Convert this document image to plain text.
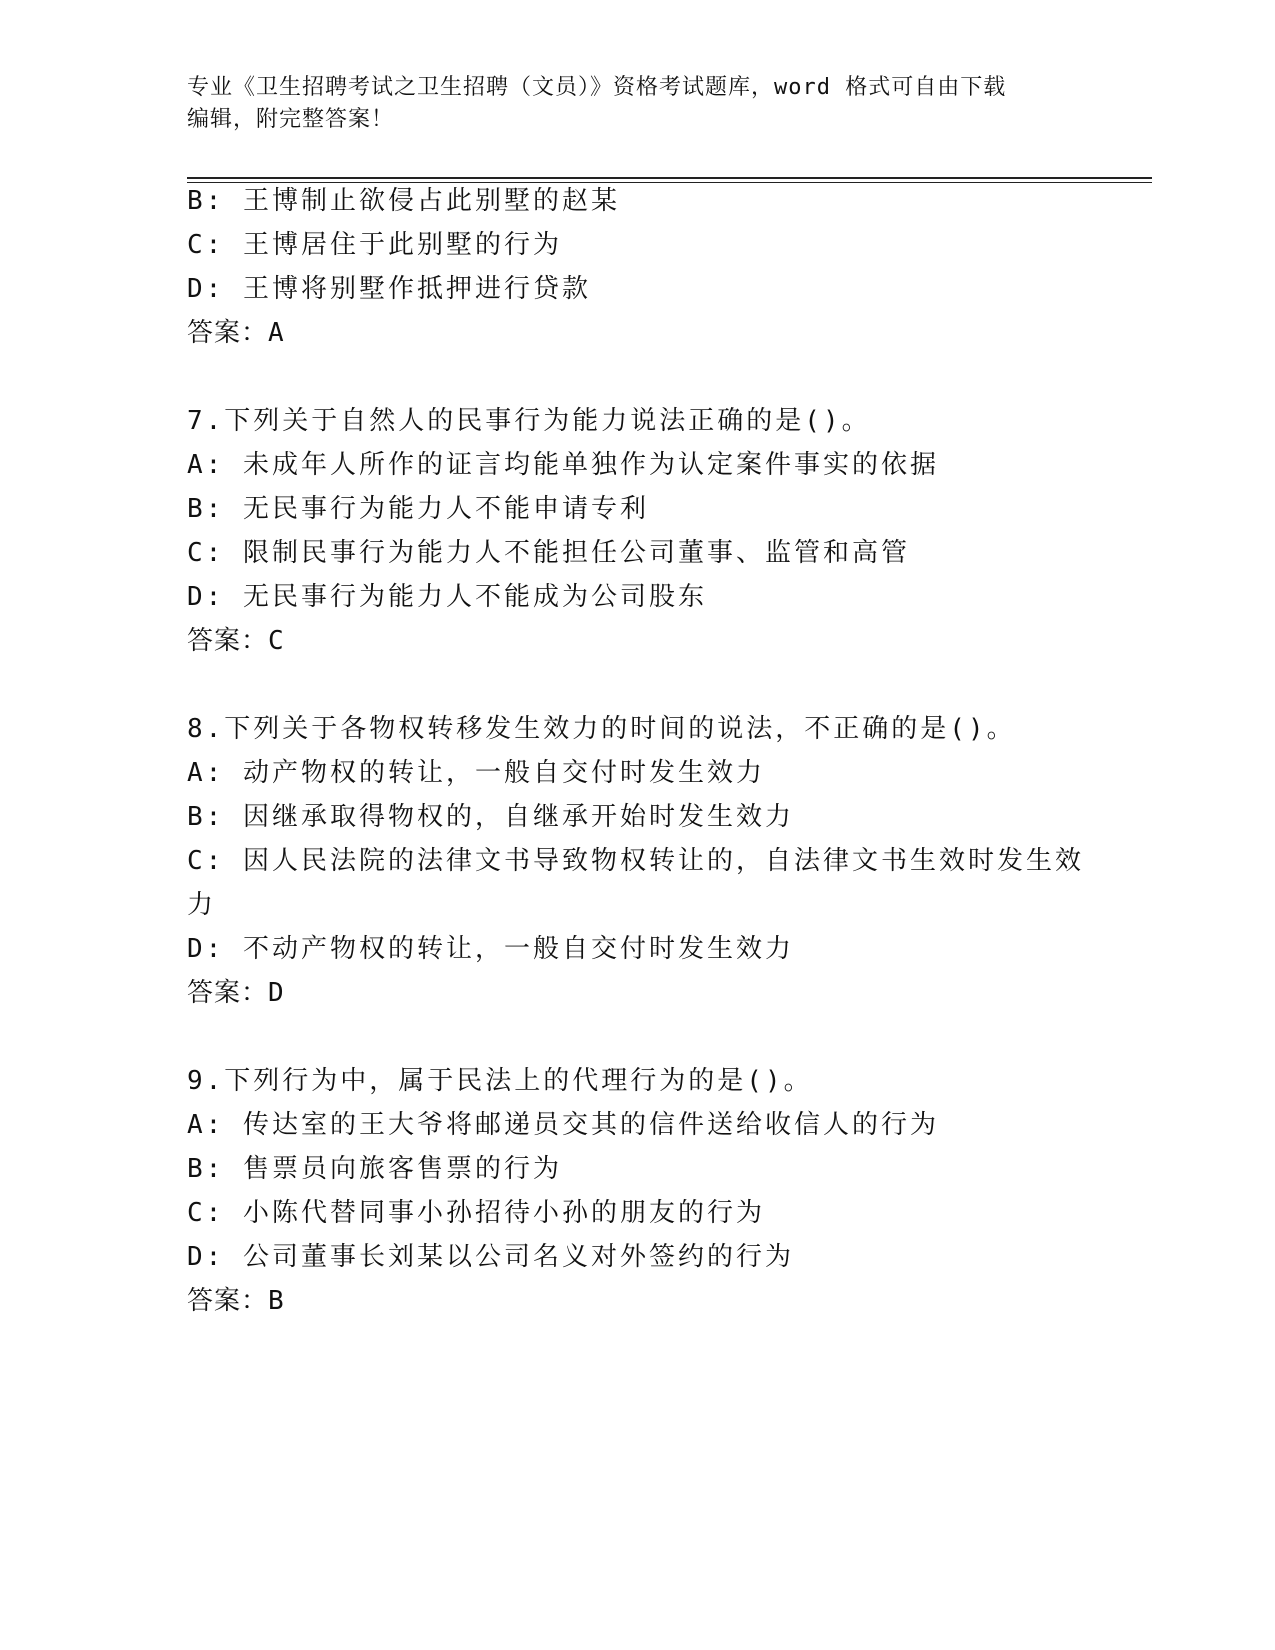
专业《卫生招聘考试之卫生招聘（文员）》资格考试题库，word 格式可自由下载
编辑，附完整答案！
B: 王博制止欲侵占此别墅的赵某
C: 王博居住于此别墅的行为
D: 王博将别墅作抵押进行贷款
答案：A
7.下列关于自然人的民事行为能力说法正确的是()。
A: 未成年人所作的证言均能单独作为认定案件事实的依据
B: 无民事行为能力人不能申请专利
C: 限制民事行为能力人不能担任公司董事、监管和高管
D: 无民事行为能力人不能成为公司股东
答案：C
8.下列关于各物权转移发生效力的时间的说法，不正确的是()。
A: 动产物权的转让，一般自交付时发生效力
B: 因继承取得物权的，自继承开始时发生效力
C: 因人民法院的法律文书导致物权转让的，自法律文书生效时发生效
力
D: 不动产物权的转让，一般自交付时发生效力
答案：D
9.下列行为中，属于民法上的代理行为的是()。
A: 传达室的王大爷将邮递员交其的信件送给收信人的行为
B: 售票员向旅客售票的行为
C: 小陈代替同事小孙招待小孙的朋友的行为
D: 公司董事长刘某以公司名义对外签约的行为
答案：B
